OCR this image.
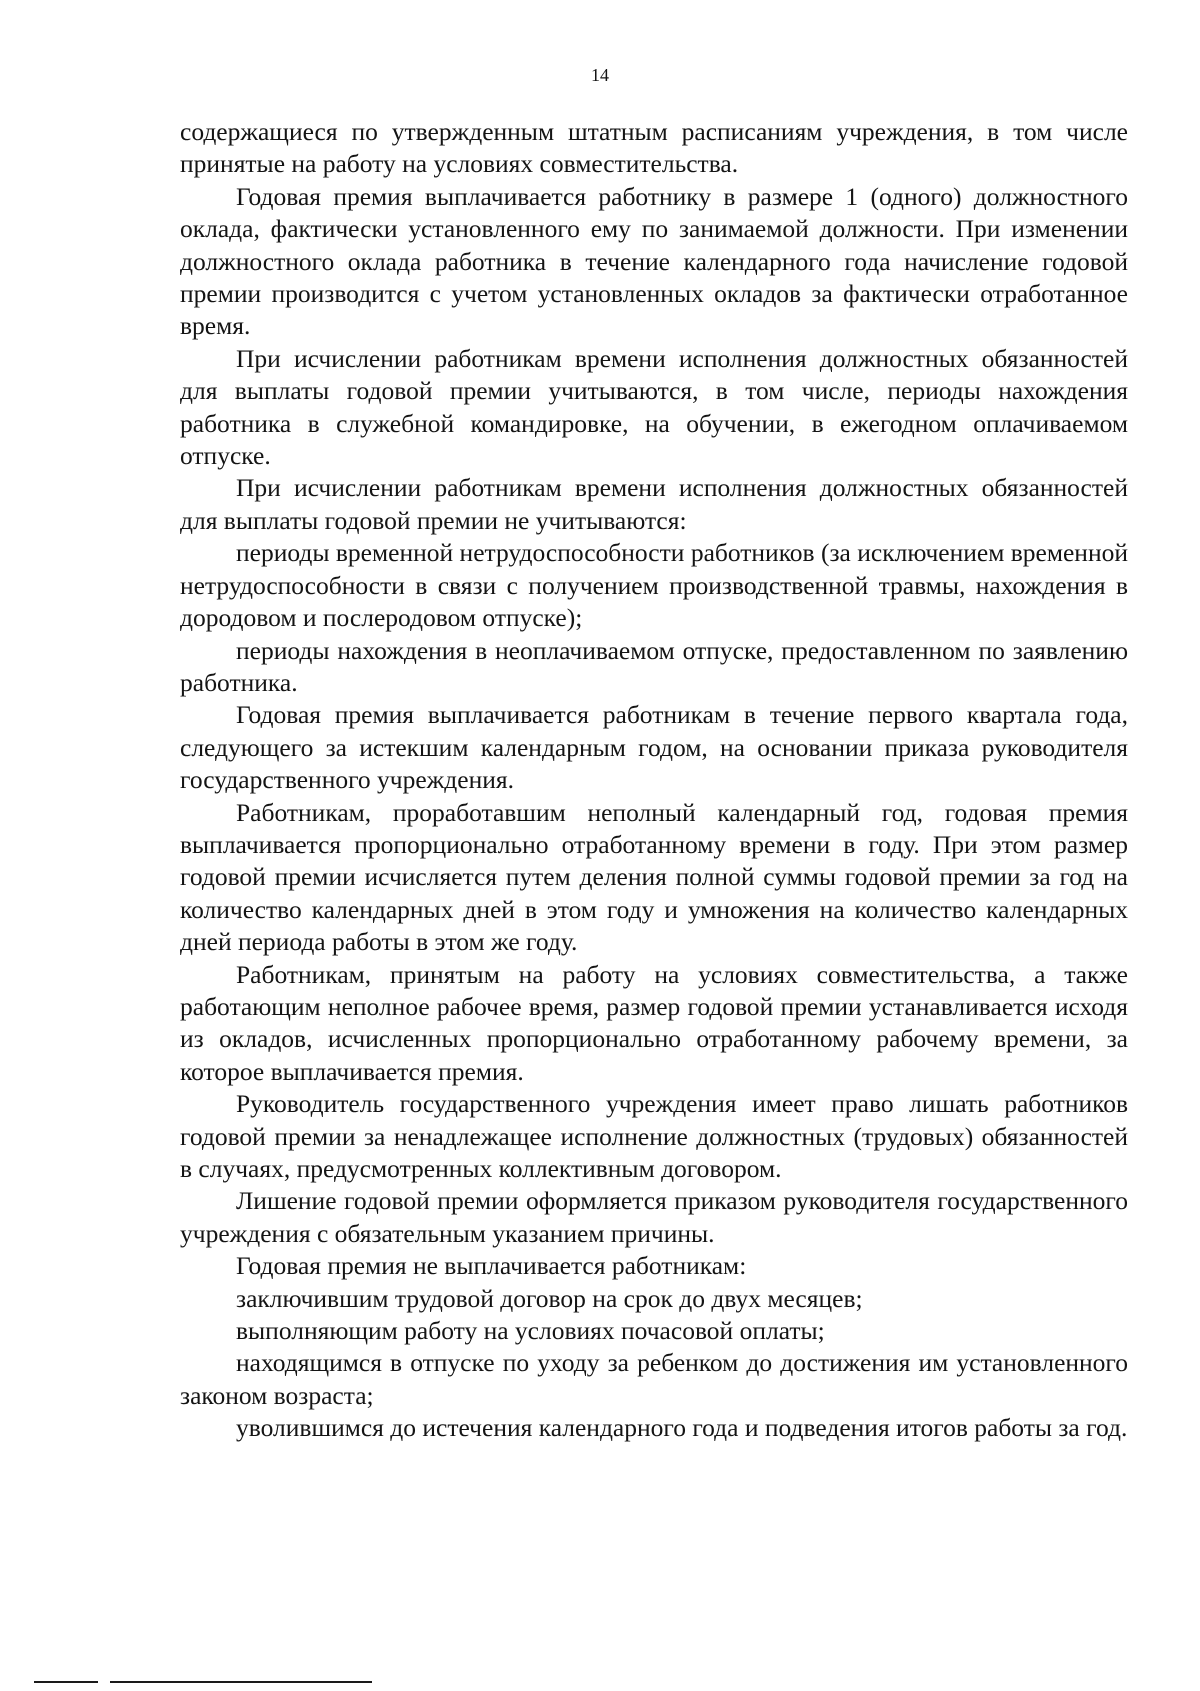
14

содержащиеся по утвержденным штатным расписаниям учреждения, в том числе принятые на работу на условиях совместительства.

Годовая премия выплачивается работнику в размере 1 (одного) должностного оклада, фактически установленного ему по занимаемой должности. При изменении должностного оклада работника в течение календарного года начисление годовой премии производится с учетом установленных окладов за фактически отработанное время.

При исчислении работникам времени исполнения должностных обязанностей для выплаты годовой премии учитываются, в том числе, периоды нахождения работника в служебной командировке, на обучении, в ежегодном оплачиваемом отпуске.

При исчислении работникам времени исполнения должностных обязанностей для выплаты годовой премии не учитываются:

периоды временной нетрудоспособности работников (за исключением временной нетрудоспособности в связи с получением производственной травмы, нахождения в дородовом и послеродовом отпуске);

периоды нахождения в неоплачиваемом отпуске, предоставленном по заявлению работника.

Годовая премия выплачивается работникам в течение первого квартала года, следующего за истекшим календарным годом, на основании приказа руководителя государственного учреждения.

Работникам, проработавшим неполный календарный год, годовая премия выплачивается пропорционально отработанному времени в году. При этом размер годовой премии исчисляется путем деления полной суммы годовой премии за год на количество календарных дней в этом году и умножения на количество календарных дней периода работы в этом же году.

Работникам, принятым на работу на условиях совместительства, а также работающим неполное рабочее время, размер годовой премии устанавливается исходя из окладов, исчисленных пропорционально отработанному рабочему времени, за которое выплачивается премия.

Руководитель государственного учреждения имеет право лишать работников годовой премии за ненадлежащее исполнение должностных (трудовых) обязанностей в случаях, предусмотренных коллективным договором.

Лишение годовой премии оформляется приказом руководителя государственного учреждения с обязательным указанием причины.

Годовая премия не выплачивается работникам:

заключившим трудовой договор на срок до двух месяцев;

выполняющим работу на условиях почасовой оплаты;

находящимся в отпуске по уходу за ребенком до достижения им установленного законом возраста;

уволившимся до истечения календарного года и подведения итогов работы за год.
